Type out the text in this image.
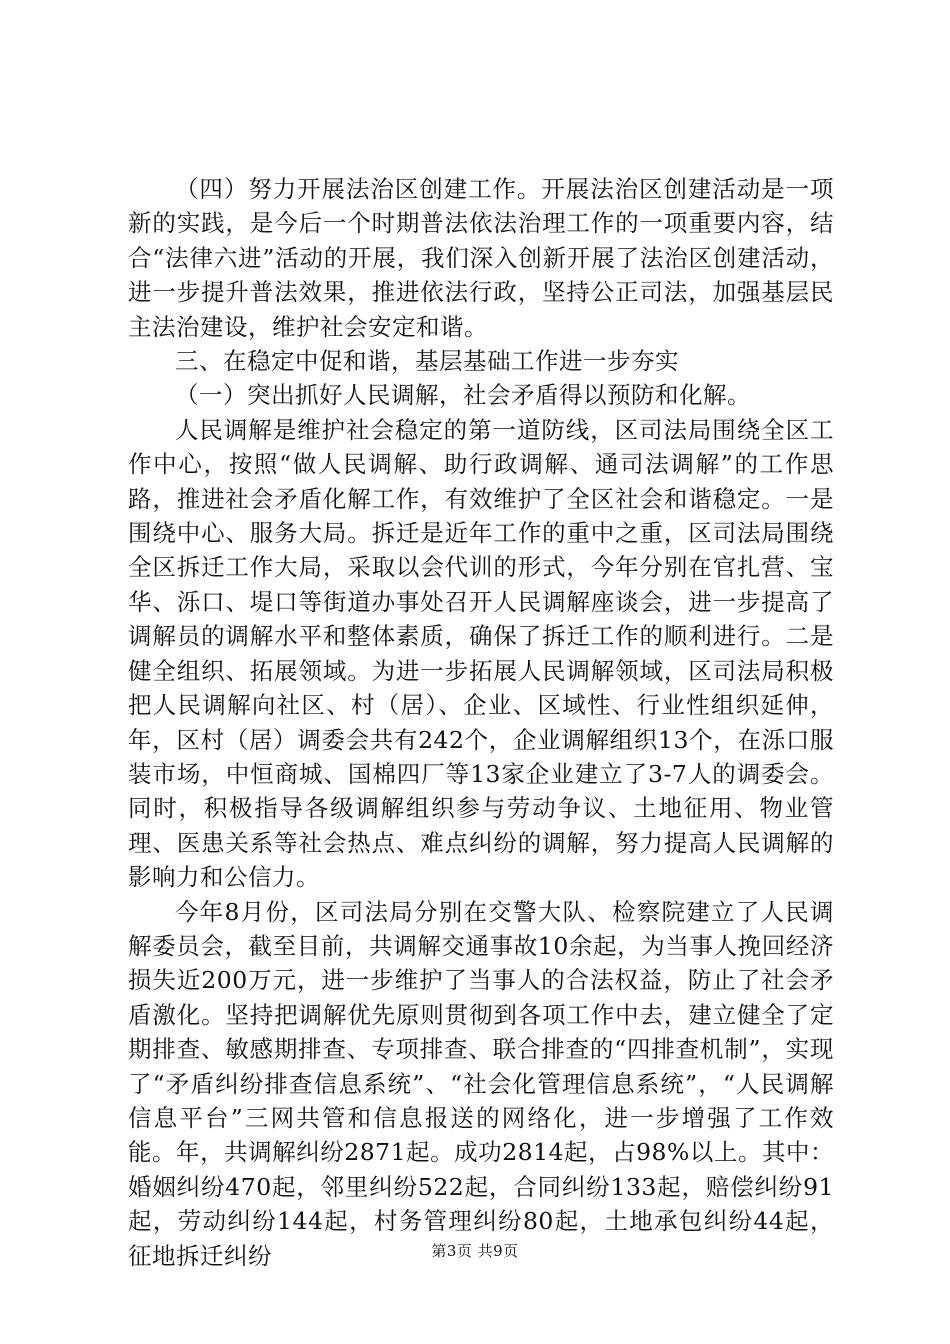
（四）努力开展法治区创建工作。开展法治区创建活动是一项新的实践，是今后一个时期普法依法治理工作的一项重要内容，结合“法律六进”活动的开展，我们深入创新开展了法治区创建活动，进一步提升普法效果，推进依法行政，坚持公正司法，加强基层民主法治建设，维护社会安定和谐。

三、在稳定中促和谐，基层基础工作进一步夯实

（一）突出抓好人民调解，社会矛盾得以预防和化解。

人民调解是维护社会稳定的第一道防线，区司法局围绕全区工作中心，按照“做人民调解、助行政调解、通司法调解”的工作思路，推进社会矛盾化解工作，有效维护了全区社会和谐稳定。一是围绕中心、服务大局。拆迁是近年工作的重中之重，区司法局围绕全区拆迁工作大局，采取以会代训的形式，今年分别在官扎营、宝华、泺口、堤口等街道办事处召开人民调解座谈会，进一步提高了调解员的调解水平和整体素质，确保了拆迁工作的顺利进行。二是健全组织、拓展领域。为进一步拓展人民调解领域，区司法局积极把人民调解向社区、村（居）、企业、区域性、行业性组织延伸，年，区村（居）调委会共有242个，企业调解组织13个，在泺口服装市场，中恒商城、国棉四厂等13家企业建立了3-7人的调委会。同时，积极指导各级调解组织参与劳动争议、土地征用、物业管理、医患关系等社会热点、难点纠纷的调解，努力提高人民调解的影响力和公信力。

今年8月份，区司法局分别在交警大队、检察院建立了人民调解委员会，截至目前，共调解交通事故10余起，为当事人挽回经济损失近200万元，进一步维护了当事人的合法权益，防止了社会矛盾激化。坚持把调解优先原则贯彻到各项工作中去，建立健全了定期排查、敏感期排查、专项排查、联合排查的“四排查机制”，实现了“矛盾纠纷排查信息系统”、“社会化管理信息系统”，“人民调解信息平台”三网共管和信息报送的网络化，进一步增强了工作效能。年，共调解纠纷2871起。成功2814起，占98%以上。其中：婚姻纠纷470起，邻里纠纷522起，合同纠纷133起，赔偿纠纷91起，劳动纠纷144起，村务管理纠纷80起，土地承包纠纷44起，征地拆迁纠纷	第3页 共9页
